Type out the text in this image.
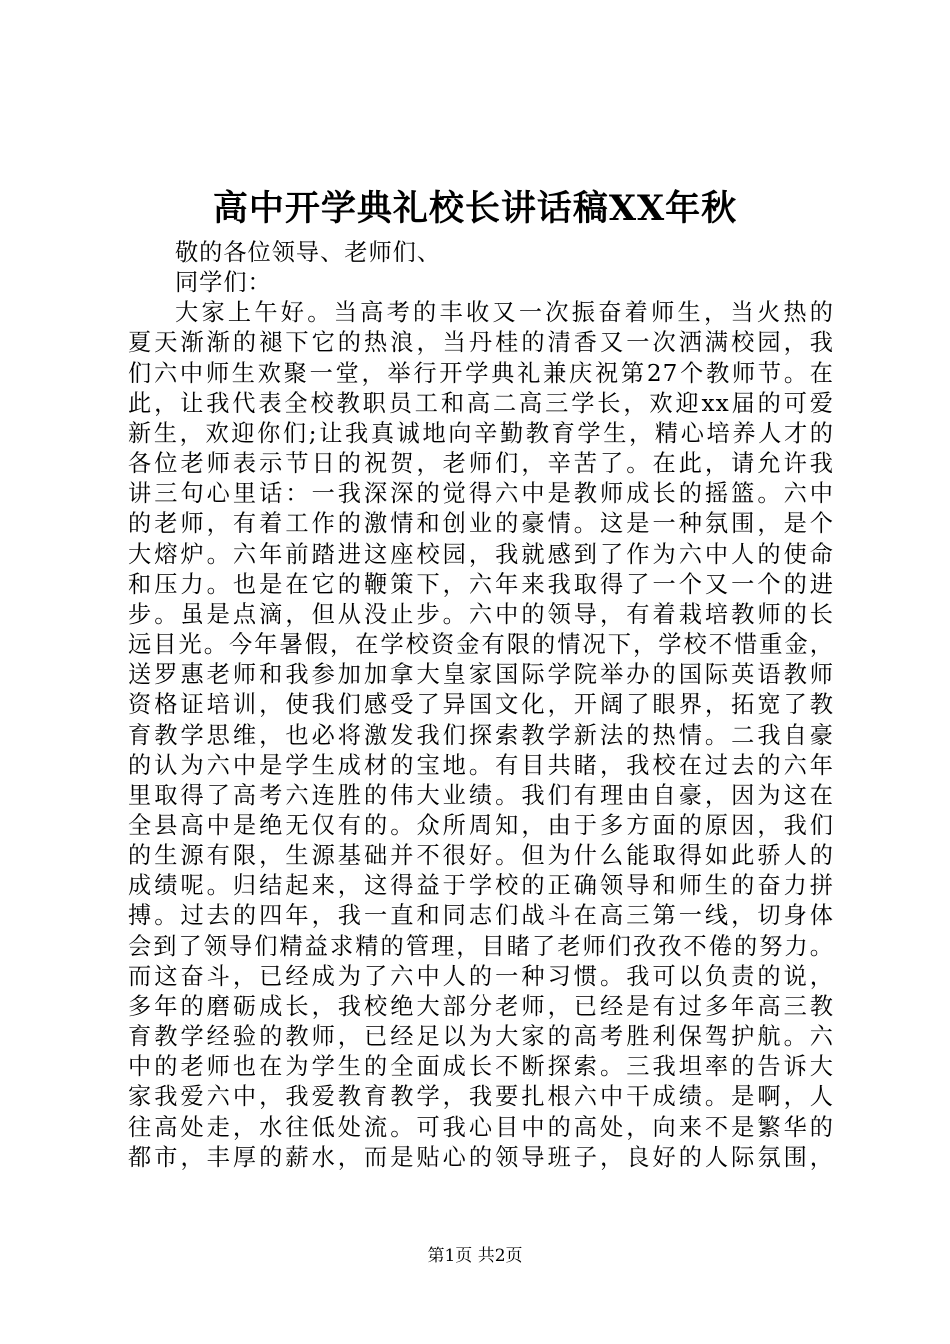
高中开学典礼校长讲话稿XX年秋
敬的各位领导、老师们、
同学们：
大家上午好。当高考的丰收又一次振奋着师生，当火热的
夏天渐渐的褪下它的热浪，当丹桂的清香又一次洒满校园，我
们六中师生欢聚一堂，举行开学典礼兼庆祝第27个教师节。在
此，让我代表全校教职员工和高二高三学长，欢迎xx届的可爱
新生，欢迎你们;让我真诚地向辛勤教育学生，精心培养人才的
各位老师表示节日的祝贺，老师们，辛苦了。在此，请允许我
讲三句心里话：一我深深的觉得六中是教师成长的摇篮。六中
的老师，有着工作的激情和创业的豪情。这是一种氛围，是个
大熔炉。六年前踏进这座校园，我就感到了作为六中人的使命
和压力。也是在它的鞭策下，六年来我取得了一个又一个的进
步。虽是点滴，但从没止步。六中的领导，有着栽培教师的长
远目光。今年暑假，在学校资金有限的情况下，学校不惜重金，
送罗惠老师和我参加加拿大皇家国际学院举办的国际英语教师
资格证培训，使我们感受了异国文化，开阔了眼界，拓宽了教
育教学思维，也必将激发我们探索教学新法的热情。二我自豪
的认为六中是学生成材的宝地。有目共睹，我校在过去的六年
里取得了高考六连胜的伟大业绩。我们有理由自豪，因为这在
全县高中是绝无仅有的。众所周知，由于多方面的原因，我们
的生源有限，生源基础并不很好。但为什么能取得如此骄人的
成绩呢。归结起来，这得益于学校的正确领导和师生的奋力拼
搏。过去的四年，我一直和同志们战斗在高三第一线，切身体
会到了领导们精益求精的管理，目睹了老师们孜孜不倦的努力。
而这奋斗，已经成为了六中人的一种习惯。我可以负责的说，
多年的磨砺成长，我校绝大部分老师，已经是有过多年高三教
育教学经验的教师，已经足以为大家的高考胜利保驾护航。六
中的老师也在为学生的全面成长不断探索。三我坦率的告诉大
家我爱六中，我爱教育教学，我要扎根六中干成绩。是啊，人
往高处走，水往低处流。可我心目中的高处，向来不是繁华的
都市，丰厚的薪水，而是贴心的领导班子，良好的人际氛围，
第1页 共2页
